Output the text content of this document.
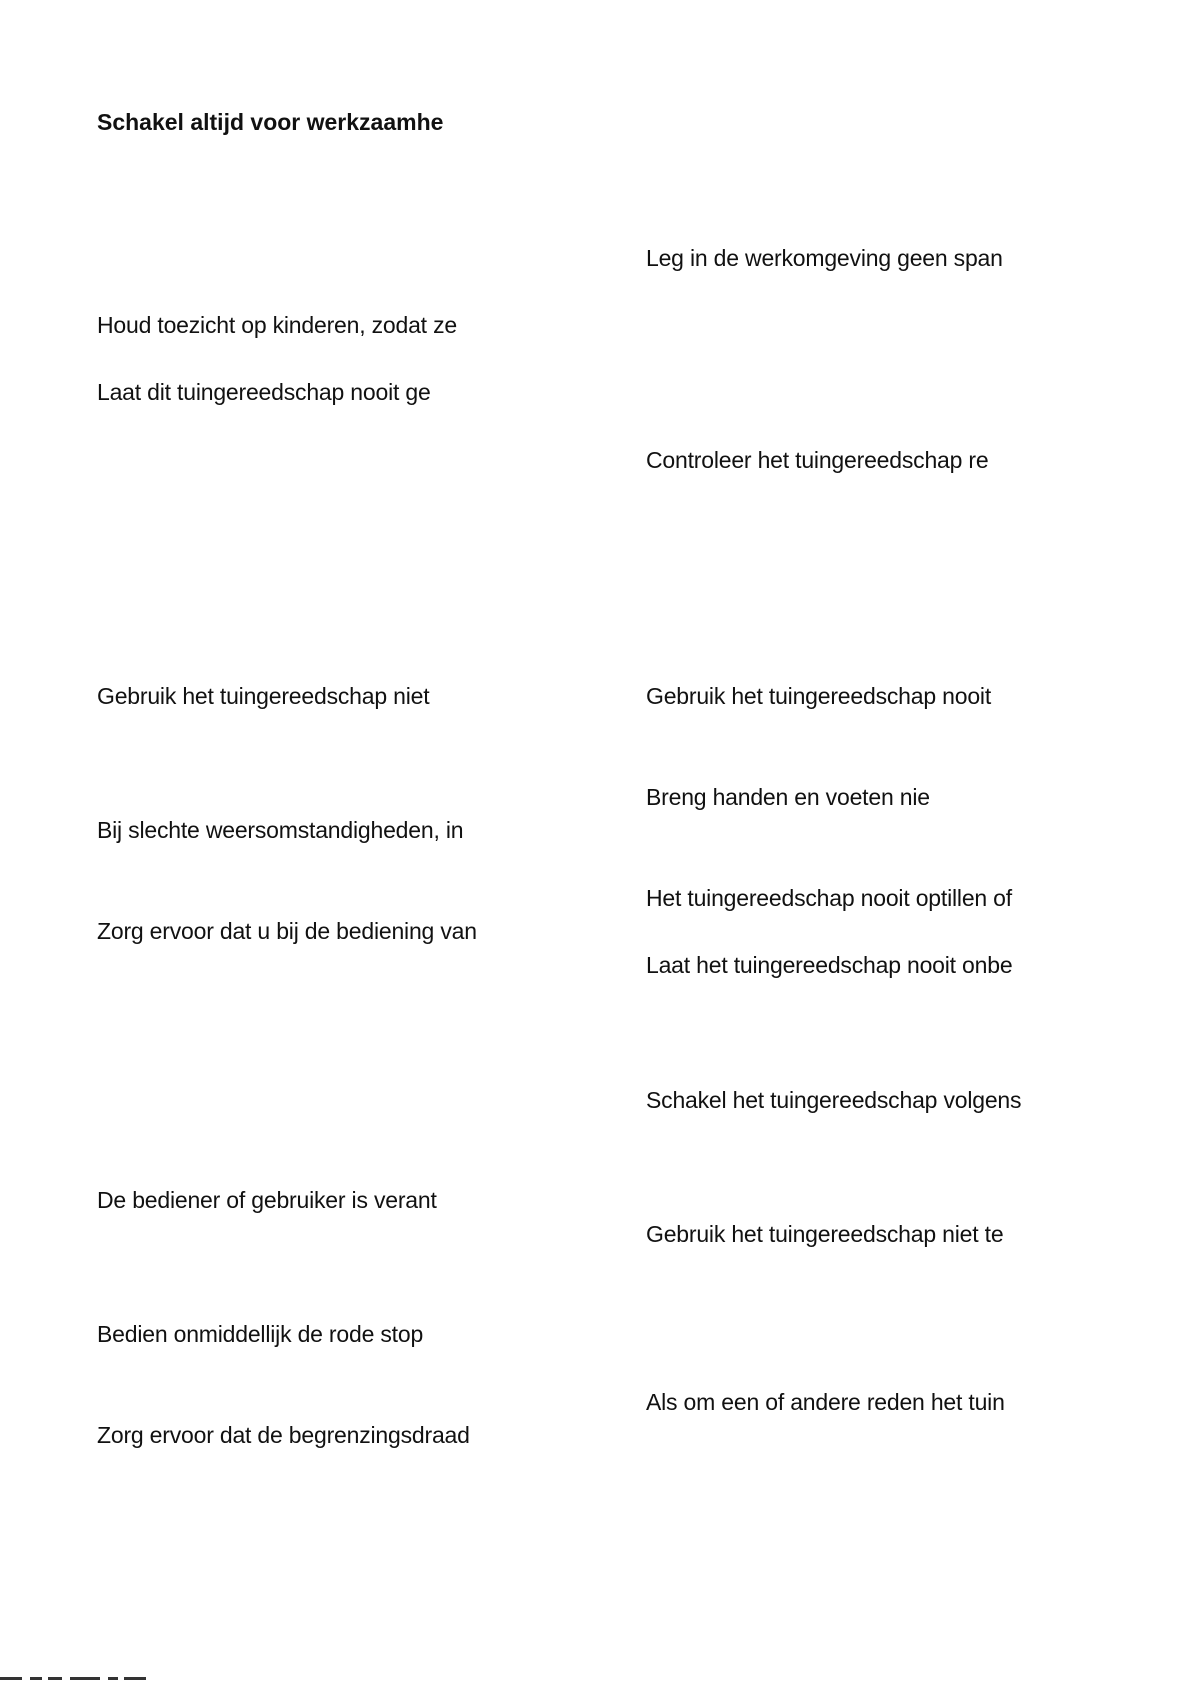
Schakel altijd voor werkzaamhe
Houd toezicht op kinderen, zodat ze
Laat dit tuingereedschap nooit ge
Gebruik het tuingereedschap niet
Bij slechte weersomstandigheden, in
Zorg ervoor dat u bij de bediening van
De bediener of gebruiker is verant
Bedien onmiddellijk de rode stop
Zorg ervoor dat de begrenzingsdraad
Leg in de werkomgeving geen span
Controleer het tuingereedschap re
Gebruik het tuingereedschap nooit
Breng handen en voeten nie
Het tuingereedschap nooit optillen of
Laat het tuingereedschap nooit onbe
Schakel het tuingereedschap volgens
Gebruik het tuingereedschap niet te
Als om een of andere reden het tuin
